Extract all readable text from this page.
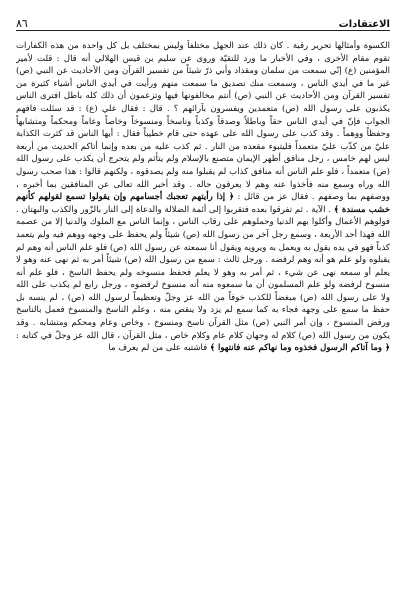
٨٦	الاعتقادات

الكسوة وأمثالها تحرير رقبة . كان ذلك عند الجهل مختلفاً وليس بمختلف بل كل واحدة من هذه الكفارات تقوم مقام الأخرى ، وفي الأخبار ما ورد للتقيّة وروى عن سليم بن قيس الهلالي أنه قال : قلت لأمير المؤمنين (ع) إنّي سمعت من سلمان ومقداد وأبي ذرّ شيئاً من تفسير القرآن ومن الأحاديث عن النبي (ص) غير ما في أيدي الناس ، وسمعت منك تصديق ما سمعت منهم ورأيت في أيدي الناس أشياء كثيرة من تفسير القرآن ومن الأحاديث عن النبي (ص) أنتم مخالفونها فيها وتزعمون أن ذلك كله باطل افترى الناس يكذبون على رسول الله (ص) متعمدين ويفسرون بآرائهم ؟ . قال : فقال علي (ع) : قد سئلت فافهم الجواب فإنّ في أيدي الناس حقاً وباطلاً وصدقاً وكذباً وناسخاً ومنسوخاً وخاصاً وعاماً ومحكماً ومتشابهاً وحفظاً ووهماً . وقد كذب على رسول الله على عهده حتى قام خطيباً فقال : أيها الناس قد كثرت الكذابة عليّ من كذّب عليّ متعمداً فليتبوء مقعده من النار . ثم كذب عليه من بعده وإنما أتاكم الحديث من أربعة ليس لهم خامس ، رجل منافق أظهر الإيمان متصنع بالإسلام ولم يتأثم ولم يتحرج أن يكذب على رسول الله (ص) متعمداً ، فلو علم الناس أنه منافق كذاب لم يقبلوا منه ولم يصدقوه ، ولكنهم قالوا : هذا صحب رسول الله وراه وسمع منه فأخذوا عنه وهم لا يعرفون حاله . وقد أخبر الله تعالى عن المنافقين بما أخبره ، ووصفهم بما وصفهم . فقال عز من قائل : ﴿ إذا رأيتهم تعجبك أجسامهم وإن يقولوا تسمع لقولهم كأنهم خشب مسندة ﴾ . الآية . ثم تفرقوا بعده فتقربوا إلى أئمة الضلالة والدعاة إلى النار بالزّور والكذب والبهتان . فولوهم الأعمال وأكلوا بهم الدنيا وحملوهم على رقاب الناس ، وإنما الناس مع الملوك والدنيا إلا من عصمه الله فهذا أحد الأربعة ، وسمع رجل آخر من رسول الله (ص) شيئاً ولم يحفظ على وجهه ووهم فيه ولم يتعمد كذباً فهو في يده يقول به ويعمل به ويرويه ويقول أنا سمعته عن رسول الله (ص) فلو علم الناس أنه وهم لم يقبلوه ولو علم هو أنه وهم لرفضه . ورجل ثالث : سمع من رسول الله (ص) شيئاً أمر به ثم نهى عنه وهو لا يعلم أو سمعه نهى عن شيء ، ثم أمر به وهو لا يعلم فحفظ منسوخه ولم يحفظ الناسخ ، فلو علم أنه منسوخ لرفضه ولو علم المسلمون أن ما سمعوه منه أنه منسوخ لرفضوه ، ورجل رابع لم يكذب على الله ولا على رسول الله (ص) مبغضاً للكذب خوفاً من الله عز وجلّ وتعظيماً لرسول الله (ص) ، لم ينسه بل حفظ ما سمع على وجهه فجاء به كما سمع لم يزد ولا ينقص منه ، وعلم الناسخ والمنسوخ فعمل بالناسخ ورفض المنسوخ ، وإن أمر النبي (ص) مثل القرآن ناسخ ومنسوخ ، وخاص وعام ومحكم ومتشابه . وقد يكون من رسول الله (ص) كلام له وجهان كلام عام وكلام خاص ، مثل القرآن ، قال الله عز وجلّ في كتابه : ﴿ وما آتاكم الرسول فخذوه وما نهاكم عنه فانتهوا ﴾ فاشتبه على من لم يعرف ما
